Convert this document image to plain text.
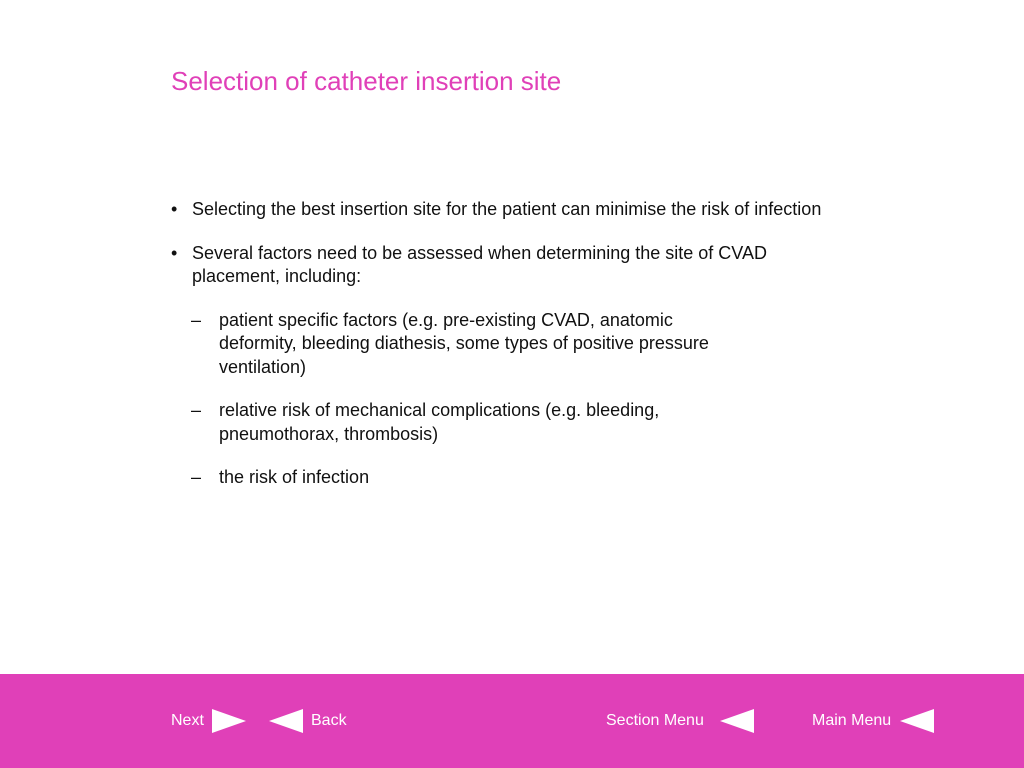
Selection of catheter insertion site
• Selecting the best insertion site for the patient can minimise the risk of infection
• Several factors need to be assessed when determining the site of CVAD placement, including:
– patient specific factors (e.g. pre-existing CVAD, anatomic deformity, bleeding diathesis, some types of positive pressure ventilation)
– relative risk of mechanical complications (e.g. bleeding, pneumothorax, thrombosis)
– the risk of infection
Next	Back	Section Menu	Main Menu
